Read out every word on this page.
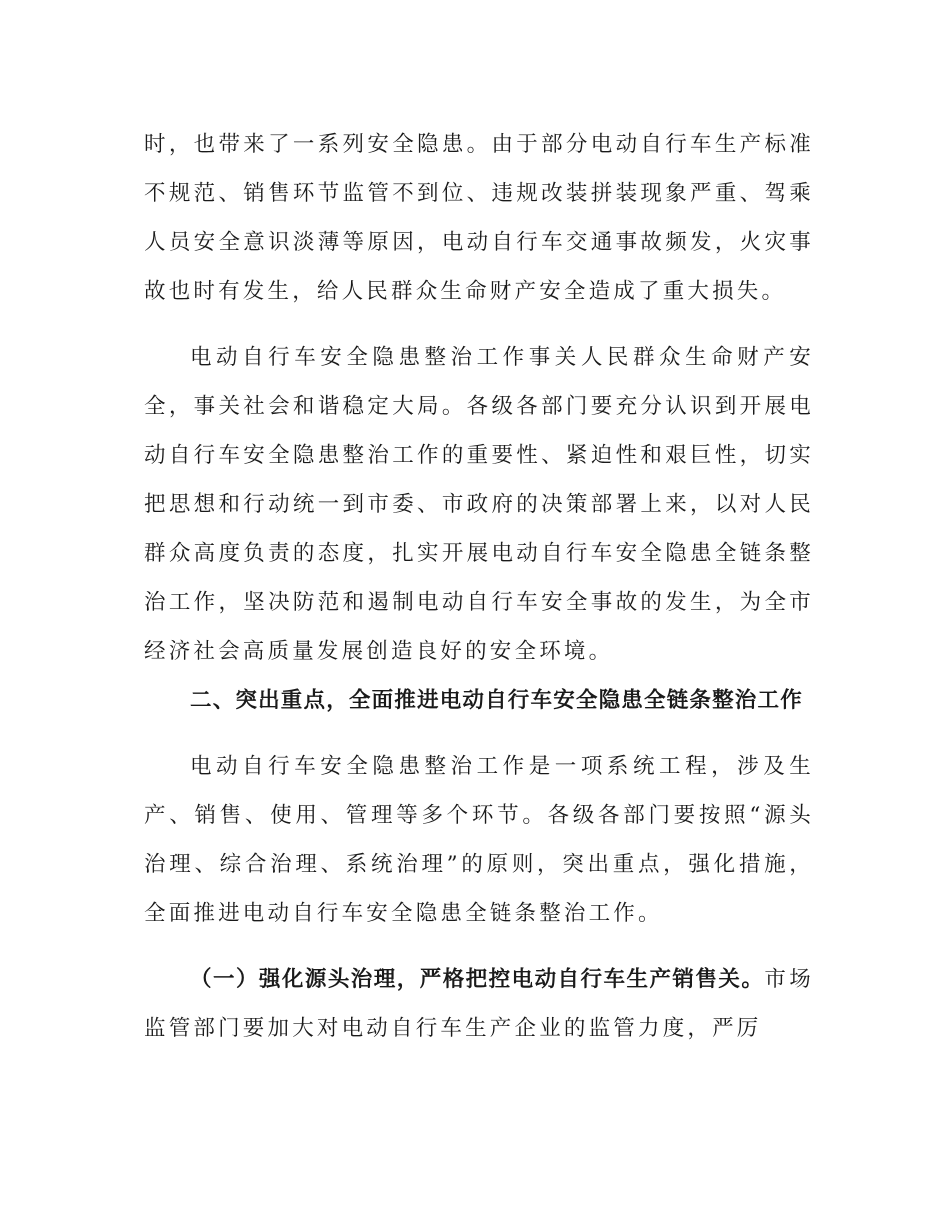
时，也带来了一系列安全隐患。由于部分电动自行车生产标准不规范、销售环节监管不到位、违规改装拼装现象严重、驾乘人员安全意识淡薄等原因，电动自行车交通事故频发，火灾事故也时有发生，给人民群众生命财产安全造成了重大损失。

电动自行车安全隐患整治工作事关人民群众生命财产安全，事关社会和谐稳定大局。各级各部门要充分认识到开展电动自行车安全隐患整治工作的重要性、紧迫性和艰巨性，切实把思想和行动统一到市委、市政府的决策部署上来，以对人民群众高度负责的态度，扎实开展电动自行车安全隐患全链条整治工作，坚决防范和遏制电动自行车安全事故的发生，为全市经济社会高质量发展创造良好的安全环境。

二、突出重点，全面推进电动自行车安全隐患全链条整治工作

电动自行车安全隐患整治工作是一项系统工程，涉及生产、销售、使用、管理等多个环节。各级各部门要按照“源头治理、综合治理、系统治理”的原则，突出重点，强化措施，全面推进电动自行车安全隐患全链条整治工作。

（一）强化源头治理，严格把控电动自行车生产销售关。市场监管部门要加大对电动自行车生产企业的监管力度，严厉
